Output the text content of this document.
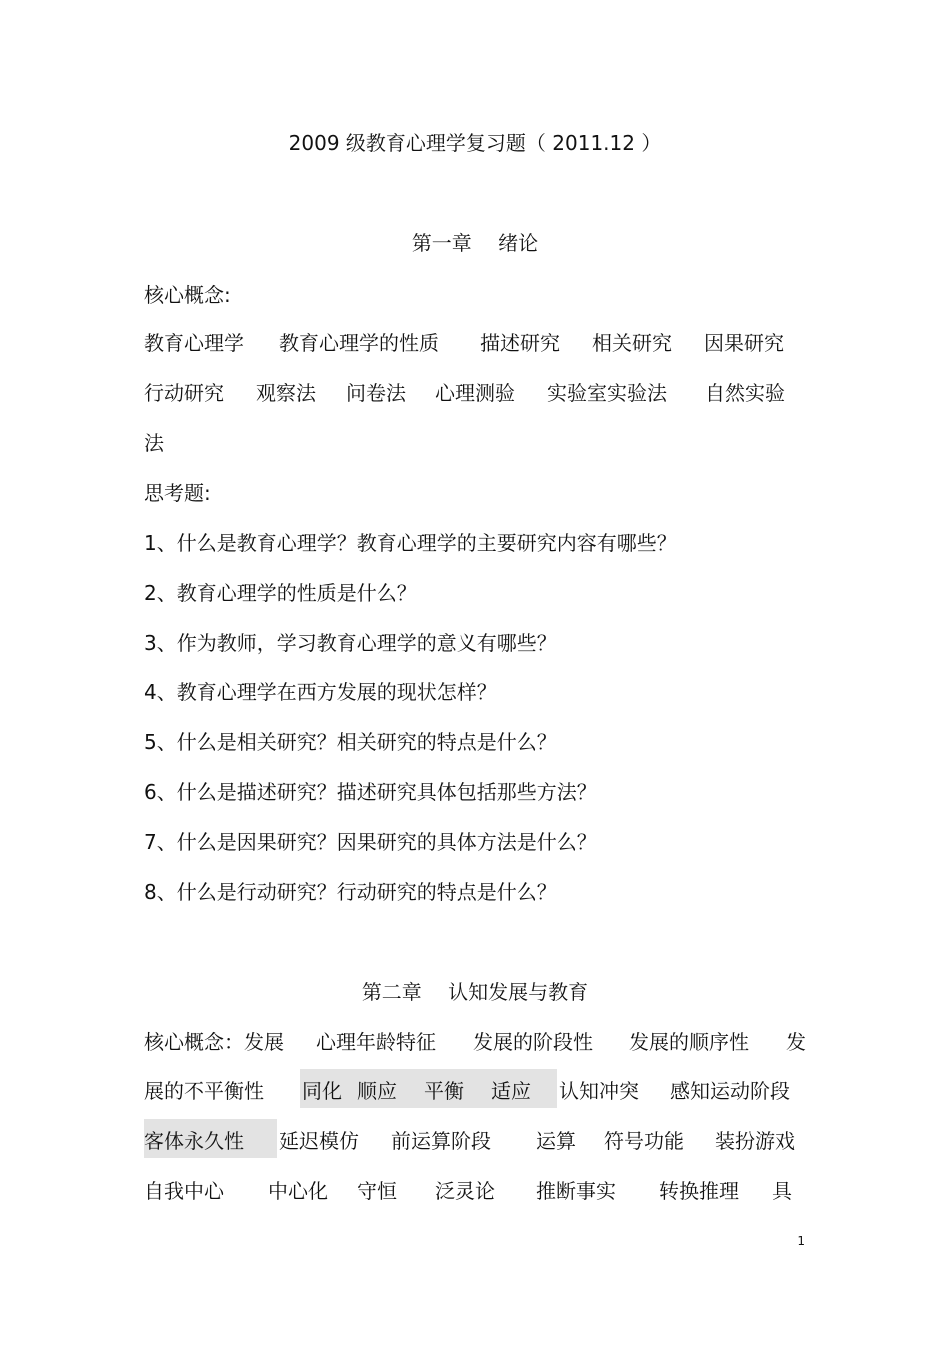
2009 级教育心理学复习题（ 2011.12 ）
第一章　 绪论
核心概念:
教育心理学 教育心理学的性质 描述研究 相关研究 因果研究
行动研究 观察法 问卷法 心理测验 实验室实验法 自然实验
法
思考题:
1、什么是教育心理学？教育心理学的主要研究内容有哪些？
2、教育心理学的性质是什么？
3、作为教师，学习教育心理学的意义有哪些？
4、教育心理学在西方发展的现状怎样？
5、什么是相关研究？相关研究的特点是什么？
6、什么是描述研究？描述研究具体包括那些方法？
7、什么是因果研究？因果研究的具体方法是什么？
8、什么是行动研究？行动研究的特点是什么？
第二章　 认知发展与教育
核心概念：发展 心理年龄特征 发展的阶段性 发展的顺序性 发
展的不平衡性 同化 顺应 平衡 适应 认知冲突 感知运动阶段
客体永久性 延迟模仿 前运算阶段 运算 符号功能 装扮游戏
自我中心 中心化 守恒 泛灵论 推断事实 转换推理 具
1
